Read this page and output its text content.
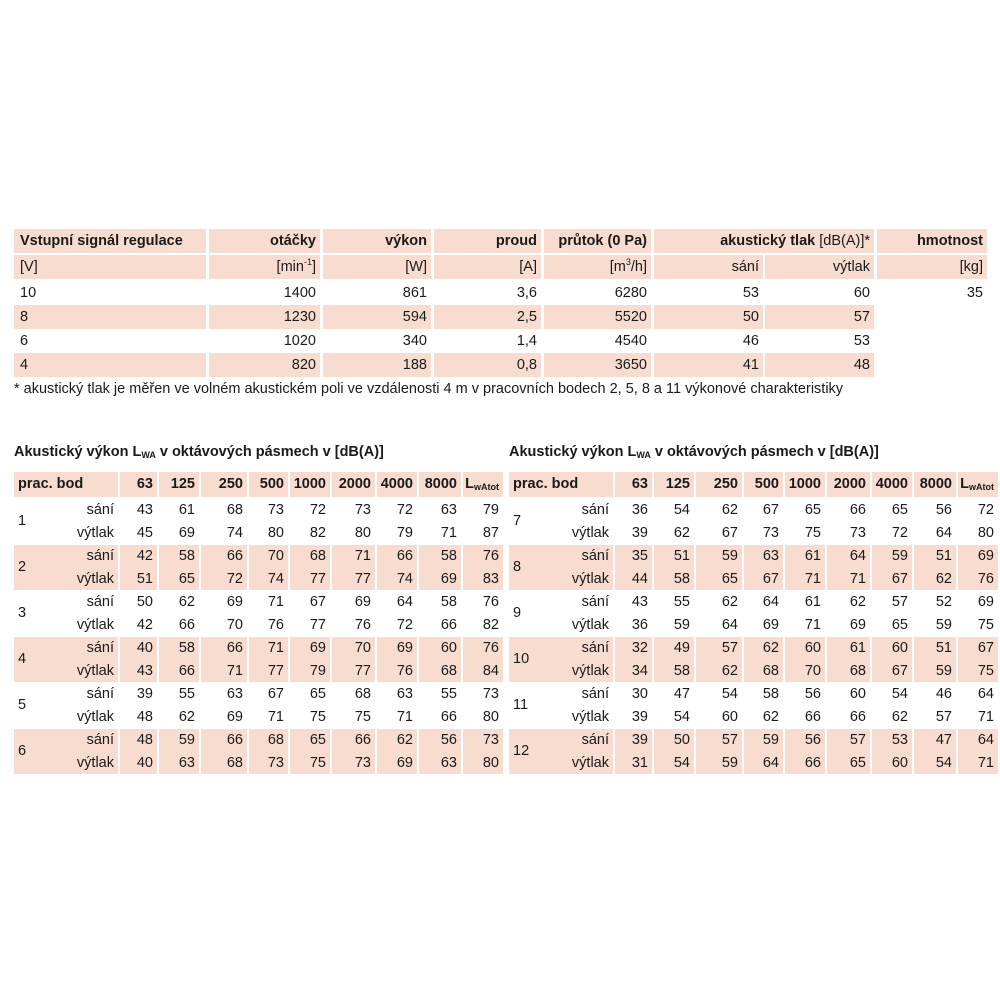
Vstupní signál regulace	otáčky	výkon	proud	průtok (0 Pa)	akustický tlak [dB(A)]*	hmotnost
[V]	$[\min^{-1}]$	[W]	[A]	$[m^3/h]$	sání	výtlak	[kg]
10	1400	861	3,6	6280	53	60	35
8	1230	594	2,5	5520	50	57
6	1020	340	1,4	4540	46	53
4	820	188	0,8	3650	41	48
* akustický tlak je měřen ve volném akustickém poli ve vzdálenosti 4 m v pracovních bodech 2, 5, 8 a 11 výkonové charakteristiky
Akustický výkon $L_{WA}$ v oktávových pásmech v [dB(A)]
prac. bod	63	125	250	500 1000 2000 4000 8000 $L_{wAtot}$
1
sání	43	61	68	73	72	73	72	63	79
výtlak	45	69	74	80	82	80	79	71	87
2
sání	42	58	66	70	68	71	66	58	76
výtlak	51	65	72	74	77	77	74	69	83
3
sání	50	62	69	71	67	69	64	58	76
výtlak	42	66	70	76	77	76	72	66	82
4
sání	40	58	66	71	69	70	69	60	76
výtlak	43	66	71	77	79	77	76	68	84
5
sání	39	55	63	67	65	68	63	55	73
výtlak	48	62	69	71	75	75	71	66	80
6
sání	48	59	66	68	65	66	62	56	73
výtlak	40	63	68	73	75	73	69	63	80
Akustický výkon $L_{WA}$ v oktávových pásmech v [dB(A)]
prac. bod	63	125	250	500 1000 2000 4000 8000 $L_{wAtot}$
7
sání	36	54	62	67	65	66	65	56	72
výtlak	39	62	67	73	75	73	72	64	80
8
sání	35	51	59	63	61	64	59	51	69
výtlak	44	58	65	67	71	71	67	62	76
9
sání	43	55	62	64	61	62	57	52	69
výtlak	36	59	64	69	71	69	65	59	75
10
sání	32	49	57	62	60	61	60	51	67
výtlak	34	58	62	68	70	68	67	59	75
11
sání	30	47	54	58	56	60	54	46	64
výtlak	39	54	60	62	66	66	62	57	71
12
sání	39	50	57	59	56	57	53	47	64
výtlak	31	54	59	64	66	65	60	54	71
